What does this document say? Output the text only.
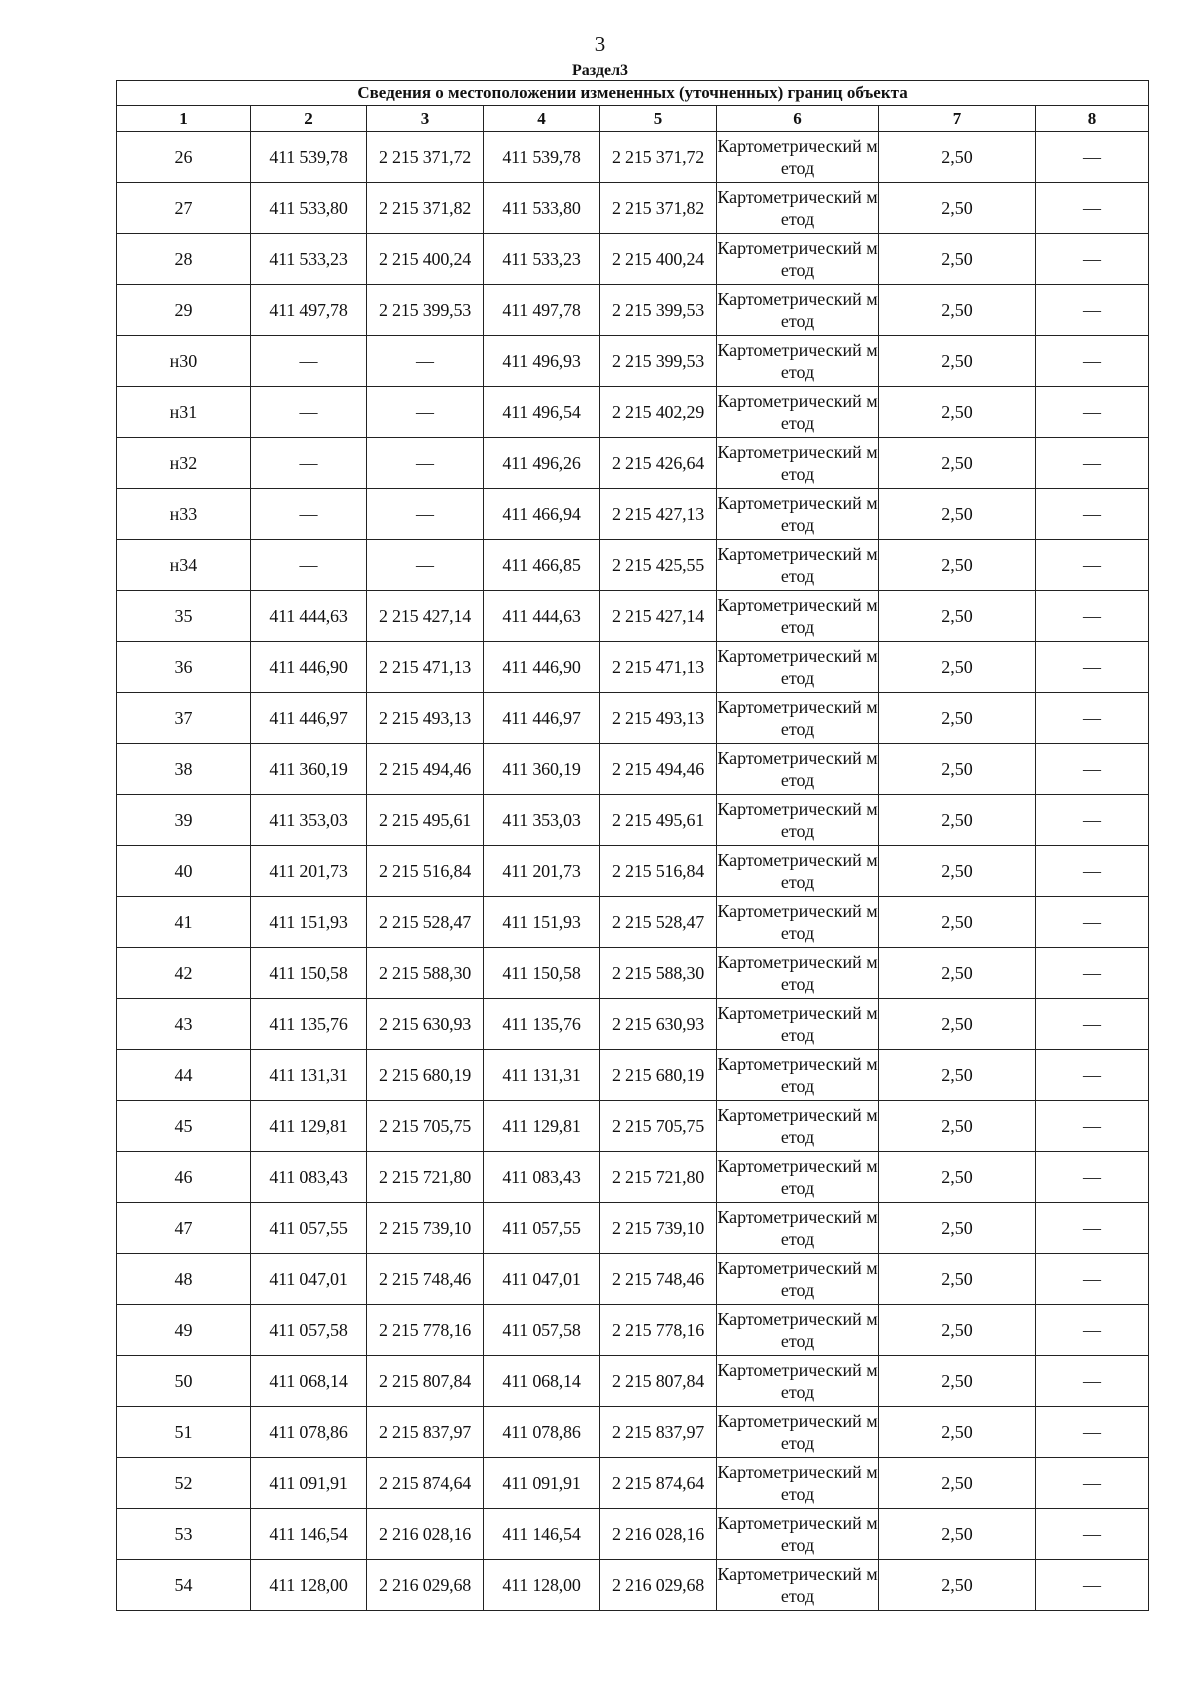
3
Раздел3
Сведения о местоположении измененных (уточненных) границ объекта							
1	2	3	4	5	6	7	8
26	411 539,78	2 215 371,72	411 539,78	2 215 371,72	Картометрический метод	2,50	—
27	411 533,80	2 215 371,82	411 533,80	2 215 371,82	Картометрический метод	2,50	—
28	411 533,23	2 215 400,24	411 533,23	2 215 400,24	Картометрический метод	2,50	—
29	411 497,78	2 215 399,53	411 497,78	2 215 399,53	Картометрический метод	2,50	—
н30	—	—	411 496,93	2 215 399,53	Картометрический метод	2,50	—
н31	—	—	411 496,54	2 215 402,29	Картометрический метод	2,50	—
н32	—	—	411 496,26	2 215 426,64	Картометрический метод	2,50	—
н33	—	—	411 466,94	2 215 427,13	Картометрический метод	2,50	—
н34	—	—	411 466,85	2 215 425,55	Картометрический метод	2,50	—
35	411 444,63	2 215 427,14	411 444,63	2 215 427,14	Картометрический метод	2,50	—
36	411 446,90	2 215 471,13	411 446,90	2 215 471,13	Картометрический метод	2,50	—
37	411 446,97	2 215 493,13	411 446,97	2 215 493,13	Картометрический метод	2,50	—
38	411 360,19	2 215 494,46	411 360,19	2 215 494,46	Картометрический метод	2,50	—
39	411 353,03	2 215 495,61	411 353,03	2 215 495,61	Картометрический метод	2,50	—
40	411 201,73	2 215 516,84	411 201,73	2 215 516,84	Картометрический метод	2,50	—
41	411 151,93	2 215 528,47	411 151,93	2 215 528,47	Картометрический метод	2,50	—
42	411 150,58	2 215 588,30	411 150,58	2 215 588,30	Картометрический метод	2,50	—
43	411 135,76	2 215 630,93	411 135,76	2 215 630,93	Картометрический метод	2,50	—
44	411 131,31	2 215 680,19	411 131,31	2 215 680,19	Картометрический метод	2,50	—
45	411 129,81	2 215 705,75	411 129,81	2 215 705,75	Картометрический метод	2,50	—
46	411 083,43	2 215 721,80	411 083,43	2 215 721,80	Картометрический метод	2,50	—
47	411 057,55	2 215 739,10	411 057,55	2 215 739,10	Картометрический метод	2,50	—
48	411 047,01	2 215 748,46	411 047,01	2 215 748,46	Картометрический метод	2,50	—
49	411 057,58	2 215 778,16	411 057,58	2 215 778,16	Картометрический метод	2,50	—
50	411 068,14	2 215 807,84	411 068,14	2 215 807,84	Картометрический метод	2,50	—
51	411 078,86	2 215 837,97	411 078,86	2 215 837,97	Картометрический метод	2,50	—
52	411 091,91	2 215 874,64	411 091,91	2 215 874,64	Картометрический метод	2,50	—
53	411 146,54	2 216 028,16	411 146,54	2 216 028,16	Картометрический метод	2,50	—
54	411 128,00	2 216 029,68	411 128,00	2 216 029,68	Картометрический метод	2,50	—
